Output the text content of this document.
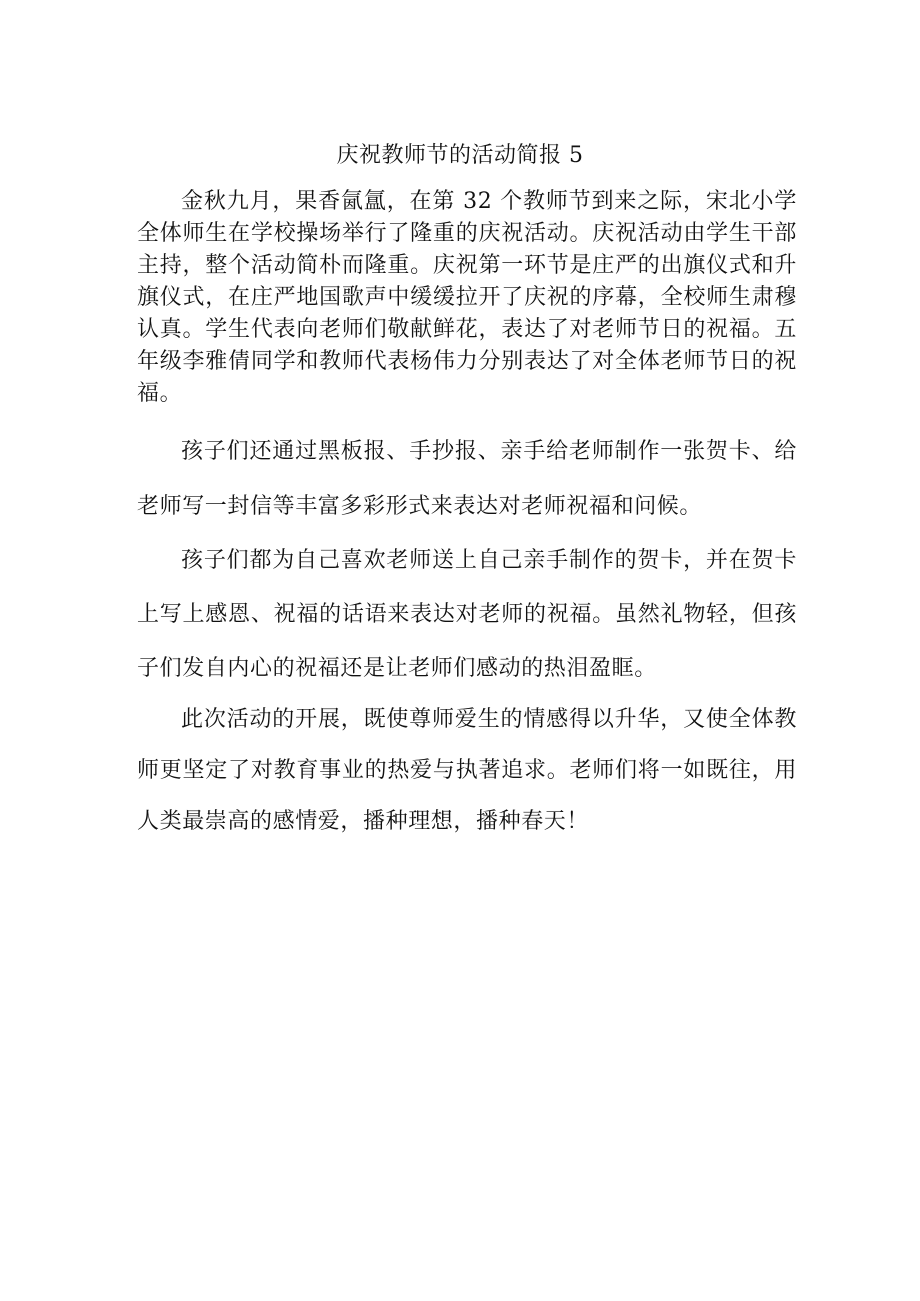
庆祝教师节的活动简报 5

金秋九月，果香氤氲，在第 32 个教师节到来之际，宋北小学全体师生在学校操场举行了隆重的庆祝活动。庆祝活动由学生干部主持，整个活动简朴而隆重。庆祝第一环节是庄严的出旗仪式和升旗仪式，在庄严地国歌声中缓缓拉开了庆祝的序幕，全校师生肃穆认真。学生代表向老师们敬献鲜花，表达了对老师节日的祝福。五年级李雅倩同学和教师代表杨伟力分别表达了对全体老师节日的祝福。

孩子们还通过黑板报、手抄报、亲手给老师制作一张贺卡、给老师写一封信等丰富多彩形式来表达对老师祝福和问候。

孩子们都为自己喜欢老师送上自己亲手制作的贺卡，并在贺卡上写上感恩、祝福的话语来表达对老师的祝福。虽然礼物轻，但孩子们发自内心的祝福还是让老师们感动的热泪盈眶。

此次活动的开展，既使尊师爱生的情感得以升华，又使全体教师更坚定了对教育事业的热爱与执著追求。老师们将一如既往，用人类最崇高的感情爱，播种理想，播种春天！
